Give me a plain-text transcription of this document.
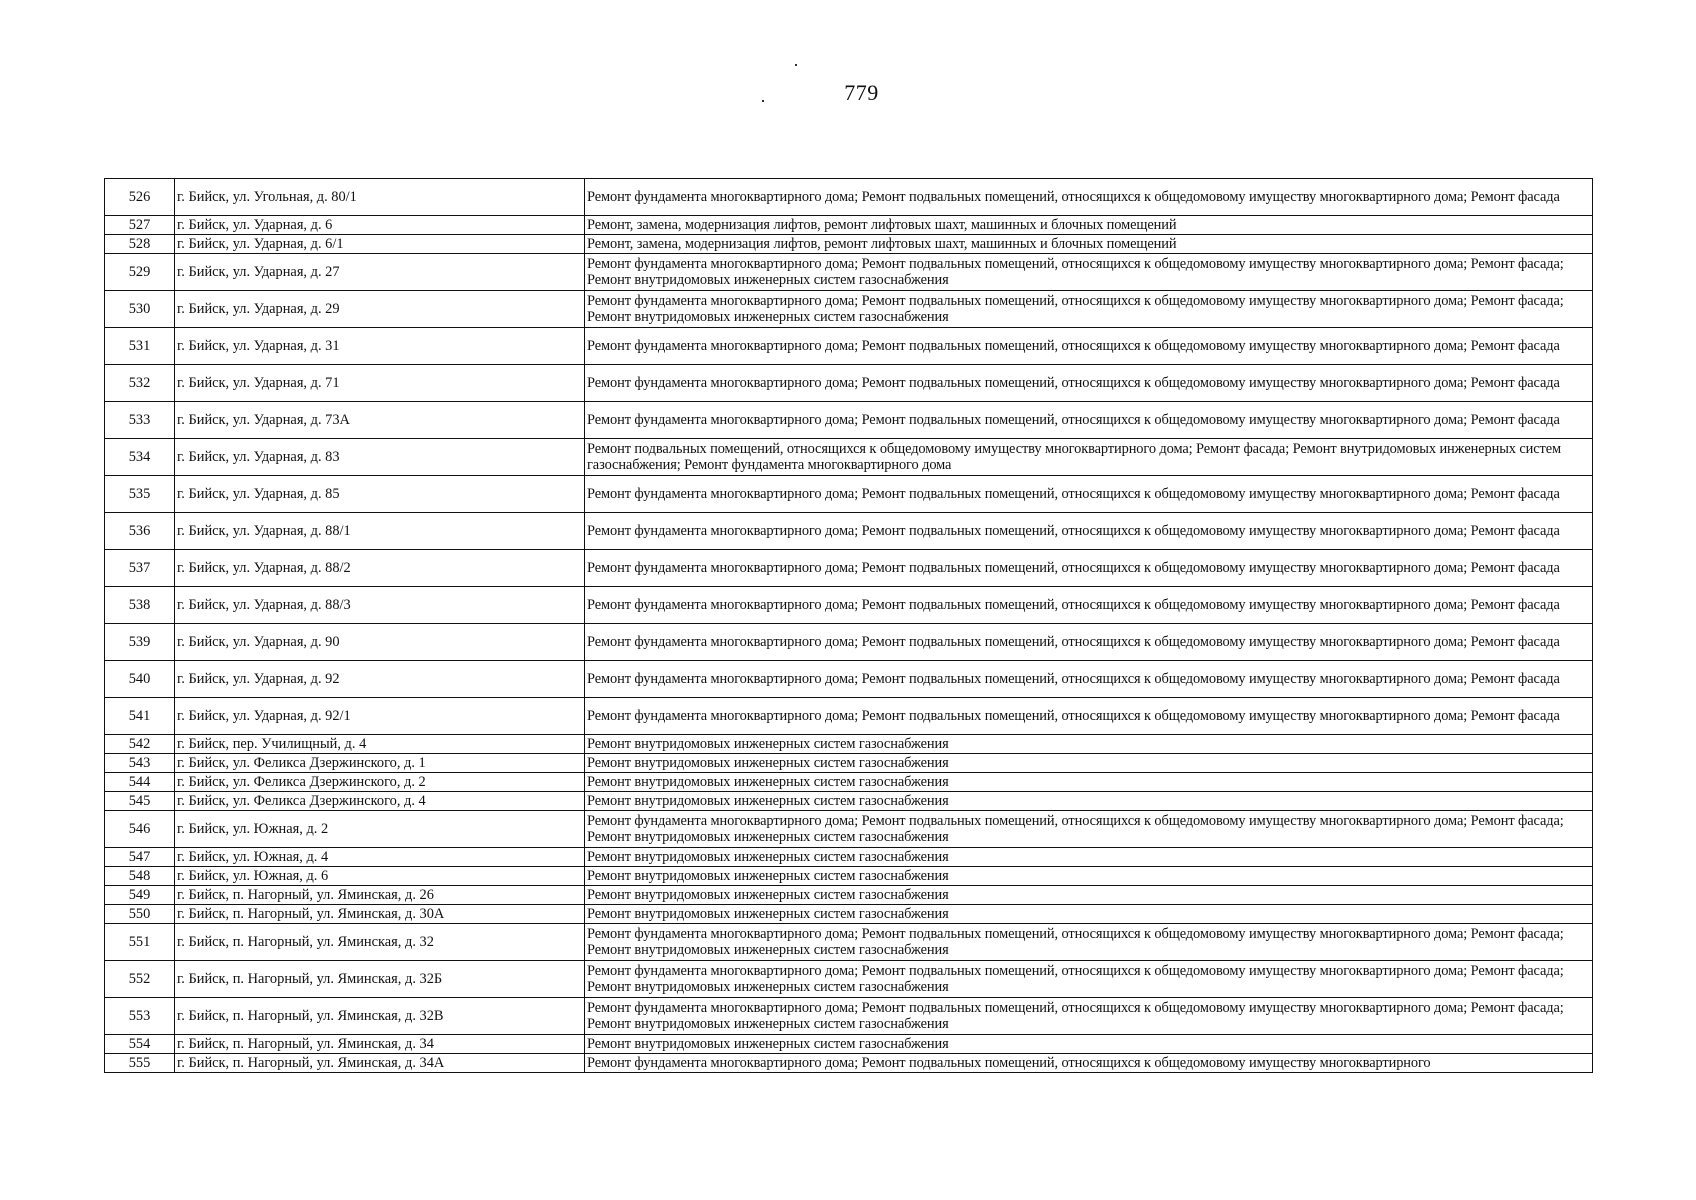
779
526	г. Бийск, ул. Угольная, д. 80/1	Ремонт фундамента многоквартирного дома; Ремонт подвальных помещений, относящихся к общедомовому имуществу многоквартирного дома; Ремонт фасада
527	г. Бийск, ул. Ударная, д. 6	Ремонт, замена, модернизация лифтов, ремонт лифтовых шахт, машинных и блочных помещений
528	г. Бийск, ул. Ударная, д. 6/1	Ремонт, замена, модернизация лифтов, ремонт лифтовых шахт, машинных и блочных помещений
529	г. Бийск, ул. Ударная, д. 27	Ремонт фундамента многоквартирного дома; Ремонт подвальных помещений, относящихся к общедомовому имуществу многоквартирного дома; Ремонт фасада; Ремонт внутридомовых инженерных систем газоснабжения
530	г. Бийск, ул. Ударная, д. 29	Ремонт фундамента многоквартирного дома; Ремонт подвальных помещений, относящихся к общедомовому имуществу многоквартирного дома; Ремонт фасада; Ремонт внутридомовых инженерных систем газоснабжения
531	г. Бийск, ул. Ударная, д. 31	Ремонт фундамента многоквартирного дома; Ремонт подвальных помещений, относящихся к общедомовому имуществу многоквартирного дома; Ремонт фасада
532	г. Бийск, ул. Ударная, д. 71	Ремонт фундамента многоквартирного дома; Ремонт подвальных помещений, относящихся к общедомовому имуществу многоквартирного дома; Ремонт фасада
533	г. Бийск, ул. Ударная, д. 73А	Ремонт фундамента многоквартирного дома; Ремонт подвальных помещений, относящихся к общедомовому имуществу многоквартирного дома; Ремонт фасада
534	г. Бийск, ул. Ударная, д. 83	Ремонт подвальных помещений, относящихся к общедомовому имуществу многоквартирного дома; Ремонт фасада; Ремонт внутридомовых инженерных систем газоснабжения; Ремонт фундамента многоквартирного дома
535	г. Бийск, ул. Ударная, д. 85	Ремонт фундамента многоквартирного дома; Ремонт подвальных помещений, относящихся к общедомовому имуществу многоквартирного дома; Ремонт фасада
536	г. Бийск, ул. Ударная, д. 88/1	Ремонт фундамента многоквартирного дома; Ремонт подвальных помещений, относящихся к общедомовому имуществу многоквартирного дома; Ремонт фасада
537	г. Бийск, ул. Ударная, д. 88/2	Ремонт фундамента многоквартирного дома; Ремонт подвальных помещений, относящихся к общедомовому имуществу многоквартирного дома; Ремонт фасада
538	г. Бийск, ул. Ударная, д. 88/3	Ремонт фундамента многоквартирного дома; Ремонт подвальных помещений, относящихся к общедомовому имуществу многоквартирного дома; Ремонт фасада
539	г. Бийск, ул. Ударная, д. 90	Ремонт фундамента многоквартирного дома; Ремонт подвальных помещений, относящихся к общедомовому имуществу многоквартирного дома; Ремонт фасада
540	г. Бийск, ул. Ударная, д. 92	Ремонт фундамента многоквартирного дома; Ремонт подвальных помещений, относящихся к общедомовому имуществу многоквартирного дома; Ремонт фасада
541	г. Бийск, ул. Ударная, д. 92/1	Ремонт фундамента многоквартирного дома; Ремонт подвальных помещений, относящихся к общедомовому имуществу многоквартирного дома; Ремонт фасада
542	г. Бийск, пер. Училищный, д. 4	Ремонт внутридомовых инженерных систем газоснабжения
543	г. Бийск, ул. Феликса Дзержинского, д. 1	Ремонт внутридомовых инженерных систем газоснабжения
544	г. Бийск, ул. Феликса Дзержинского, д. 2	Ремонт внутридомовых инженерных систем газоснабжения
545	г. Бийск, ул. Феликса Дзержинского, д. 4	Ремонт внутридомовых инженерных систем газоснабжения
546	г. Бийск, ул. Южная, д. 2	Ремонт фундамента многоквартирного дома; Ремонт подвальных помещений, относящихся к общедомовому имуществу многоквартирного дома; Ремонт фасада; Ремонт внутридомовых инженерных систем газоснабжения
547	г. Бийск, ул. Южная, д. 4	Ремонт внутридомовых инженерных систем газоснабжения
548	г. Бийск, ул. Южная, д. 6	Ремонт внутридомовых инженерных систем газоснабжения
549	г. Бийск, п. Нагорный, ул. Яминская, д. 26	Ремонт внутридомовых инженерных систем газоснабжения
550	г. Бийск, п. Нагорный, ул. Яминская, д. 30А	Ремонт внутридомовых инженерных систем газоснабжения
551	г. Бийск, п. Нагорный, ул. Яминская, д. 32	Ремонт фундамента многоквартирного дома; Ремонт подвальных помещений, относящихся к общедомовому имуществу многоквартирного дома; Ремонт фасада; Ремонт внутридомовых инженерных систем газоснабжения
552	г. Бийск, п. Нагорный, ул. Яминская, д. 32Б	Ремонт фундамента многоквартирного дома; Ремонт подвальных помещений, относящихся к общедомовому имуществу многоквартирного дома; Ремонт фасада; Ремонт внутридомовых инженерных систем газоснабжения
553	г. Бийск, п. Нагорный, ул. Яминская, д. 32В	Ремонт фундамента многоквартирного дома; Ремонт подвальных помещений, относящихся к общедомовому имуществу многоквартирного дома; Ремонт фасада; Ремонт внутридомовых инженерных систем газоснабжения
554	г. Бийск, п. Нагорный, ул. Яминская, д. 34	Ремонт внутридомовых инженерных систем газоснабжения
555	г. Бийск, п. Нагорный, ул. Яминская, д. 34А	Ремонт фундамента многоквартирного дома; Ремонт подвальных помещений, относящихся к общедомовому имуществу многоквартирного
